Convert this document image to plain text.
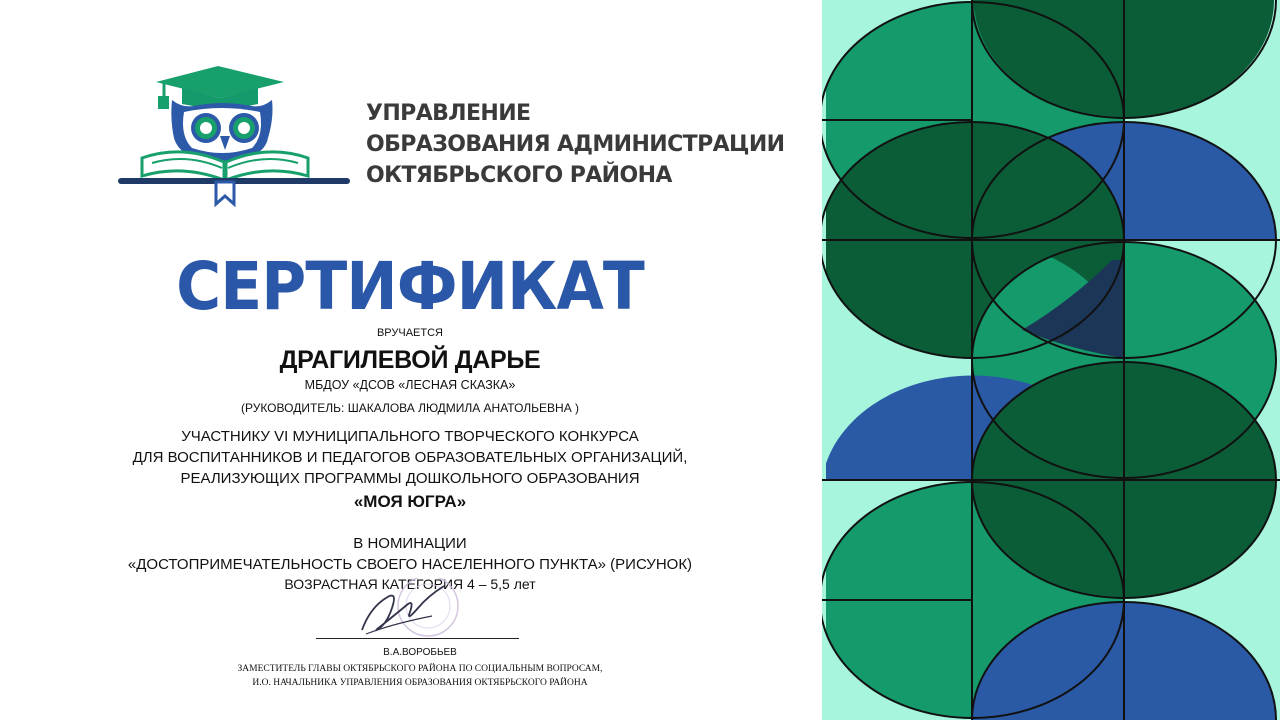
УПРАВЛЕНИЕ
ОБРАЗОВАНИЯ АДМИНИСТРАЦИИ
ОКТЯБРЬСКОГО РАЙОНА
СЕРТИФИКАТ
ВРУЧАЕТСЯ
ДРАГИЛЕВОЙ ДАРЬЕ
МБДОУ «ДСОВ «ЛЕСНАЯ СКАЗКА»
(РУКОВОДИТЕЛЬ: ШАКАЛОВА ЛЮДМИЛА АНАТОЛЬЕВНА )
УЧАСТНИКУ VI МУНИЦИПАЛЬНОГО ТВОРЧЕСКОГО КОНКУРСА
ДЛЯ ВОСПИТАННИКОВ И ПЕДАГОГОВ ОБРАЗОВАТЕЛЬНЫХ ОРГАНИЗАЦИЙ,
РЕАЛИЗУЮЩИХ ПРОГРАММЫ ДОШКОЛЬНОГО ОБРАЗОВАНИЯ
«МОЯ ЮГРА»
В НОМИНАЦИИ
«ДОСТОПРИМЕЧАТЕЛЬНОСТЬ СВОЕГО НАСЕЛЕННОГО ПУНКТА» (РИСУНОК)
ВОЗРАСТНАЯ КАТЕГОРИЯ 4 – 5,5 лет
В.А.ВОРОБЬЕВ
ЗАМЕСТИТЕЛЬ ГЛАВЫ ОКТЯБРЬСКОГО РАЙОНА ПО СОЦИАЛЬНЫМ ВОПРОСАМ,
И.О. НАЧАЛЬНИКА УПРАВЛЕНИЯ ОБРАЗОВАНИЯ ОКТЯБРЬСКОГО РАЙОНА
